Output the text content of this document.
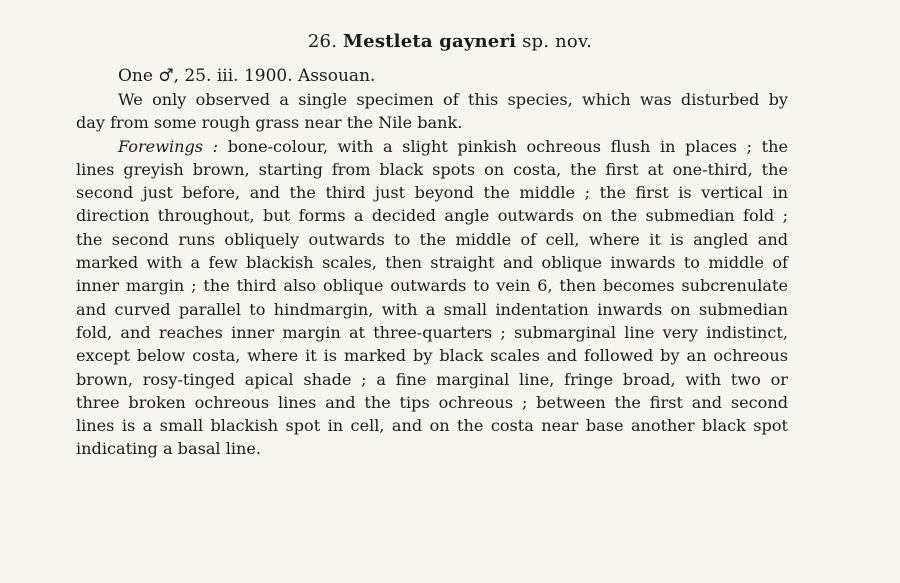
26. Mestleta gayneri sp. nov.
One ♂, 25. iii. 1900. Assouan.
We only observed a single specimen of this species, which was disturbed by
day from some rough grass near the Nile bank.
Forewings : bone-colour, with a slight pinkish ochreous flush in places ; the
lines greyish brown, starting from black spots on costa, the first at one-third, the
second just before, and the third just beyond the middle ; the first is vertical in
direction throughout, but forms a decided angle outwards on the submedian fold ;
the second runs obliquely outwards to the middle of cell, where it is angled and
marked with a few blackish scales, then straight and oblique inwards to middle of
inner margin ; the third also oblique outwards to vein 6, then becomes subcrenulate
and curved parallel to hindmargin, with a small indentation inwards on submedian
fold, and reaches inner margin at three-quarters ; submarginal line very indistinct,
except below costa, where it is marked by black scales and followed by an ochreous
brown, rosy-tinged apical shade ; a fine marginal line, fringe broad, with two or
three broken ochreous lines and the tips ochreous ; between the first and second
lines is a small blackish spot in cell, and on the costa near base another black spot
indicating a basal line.
